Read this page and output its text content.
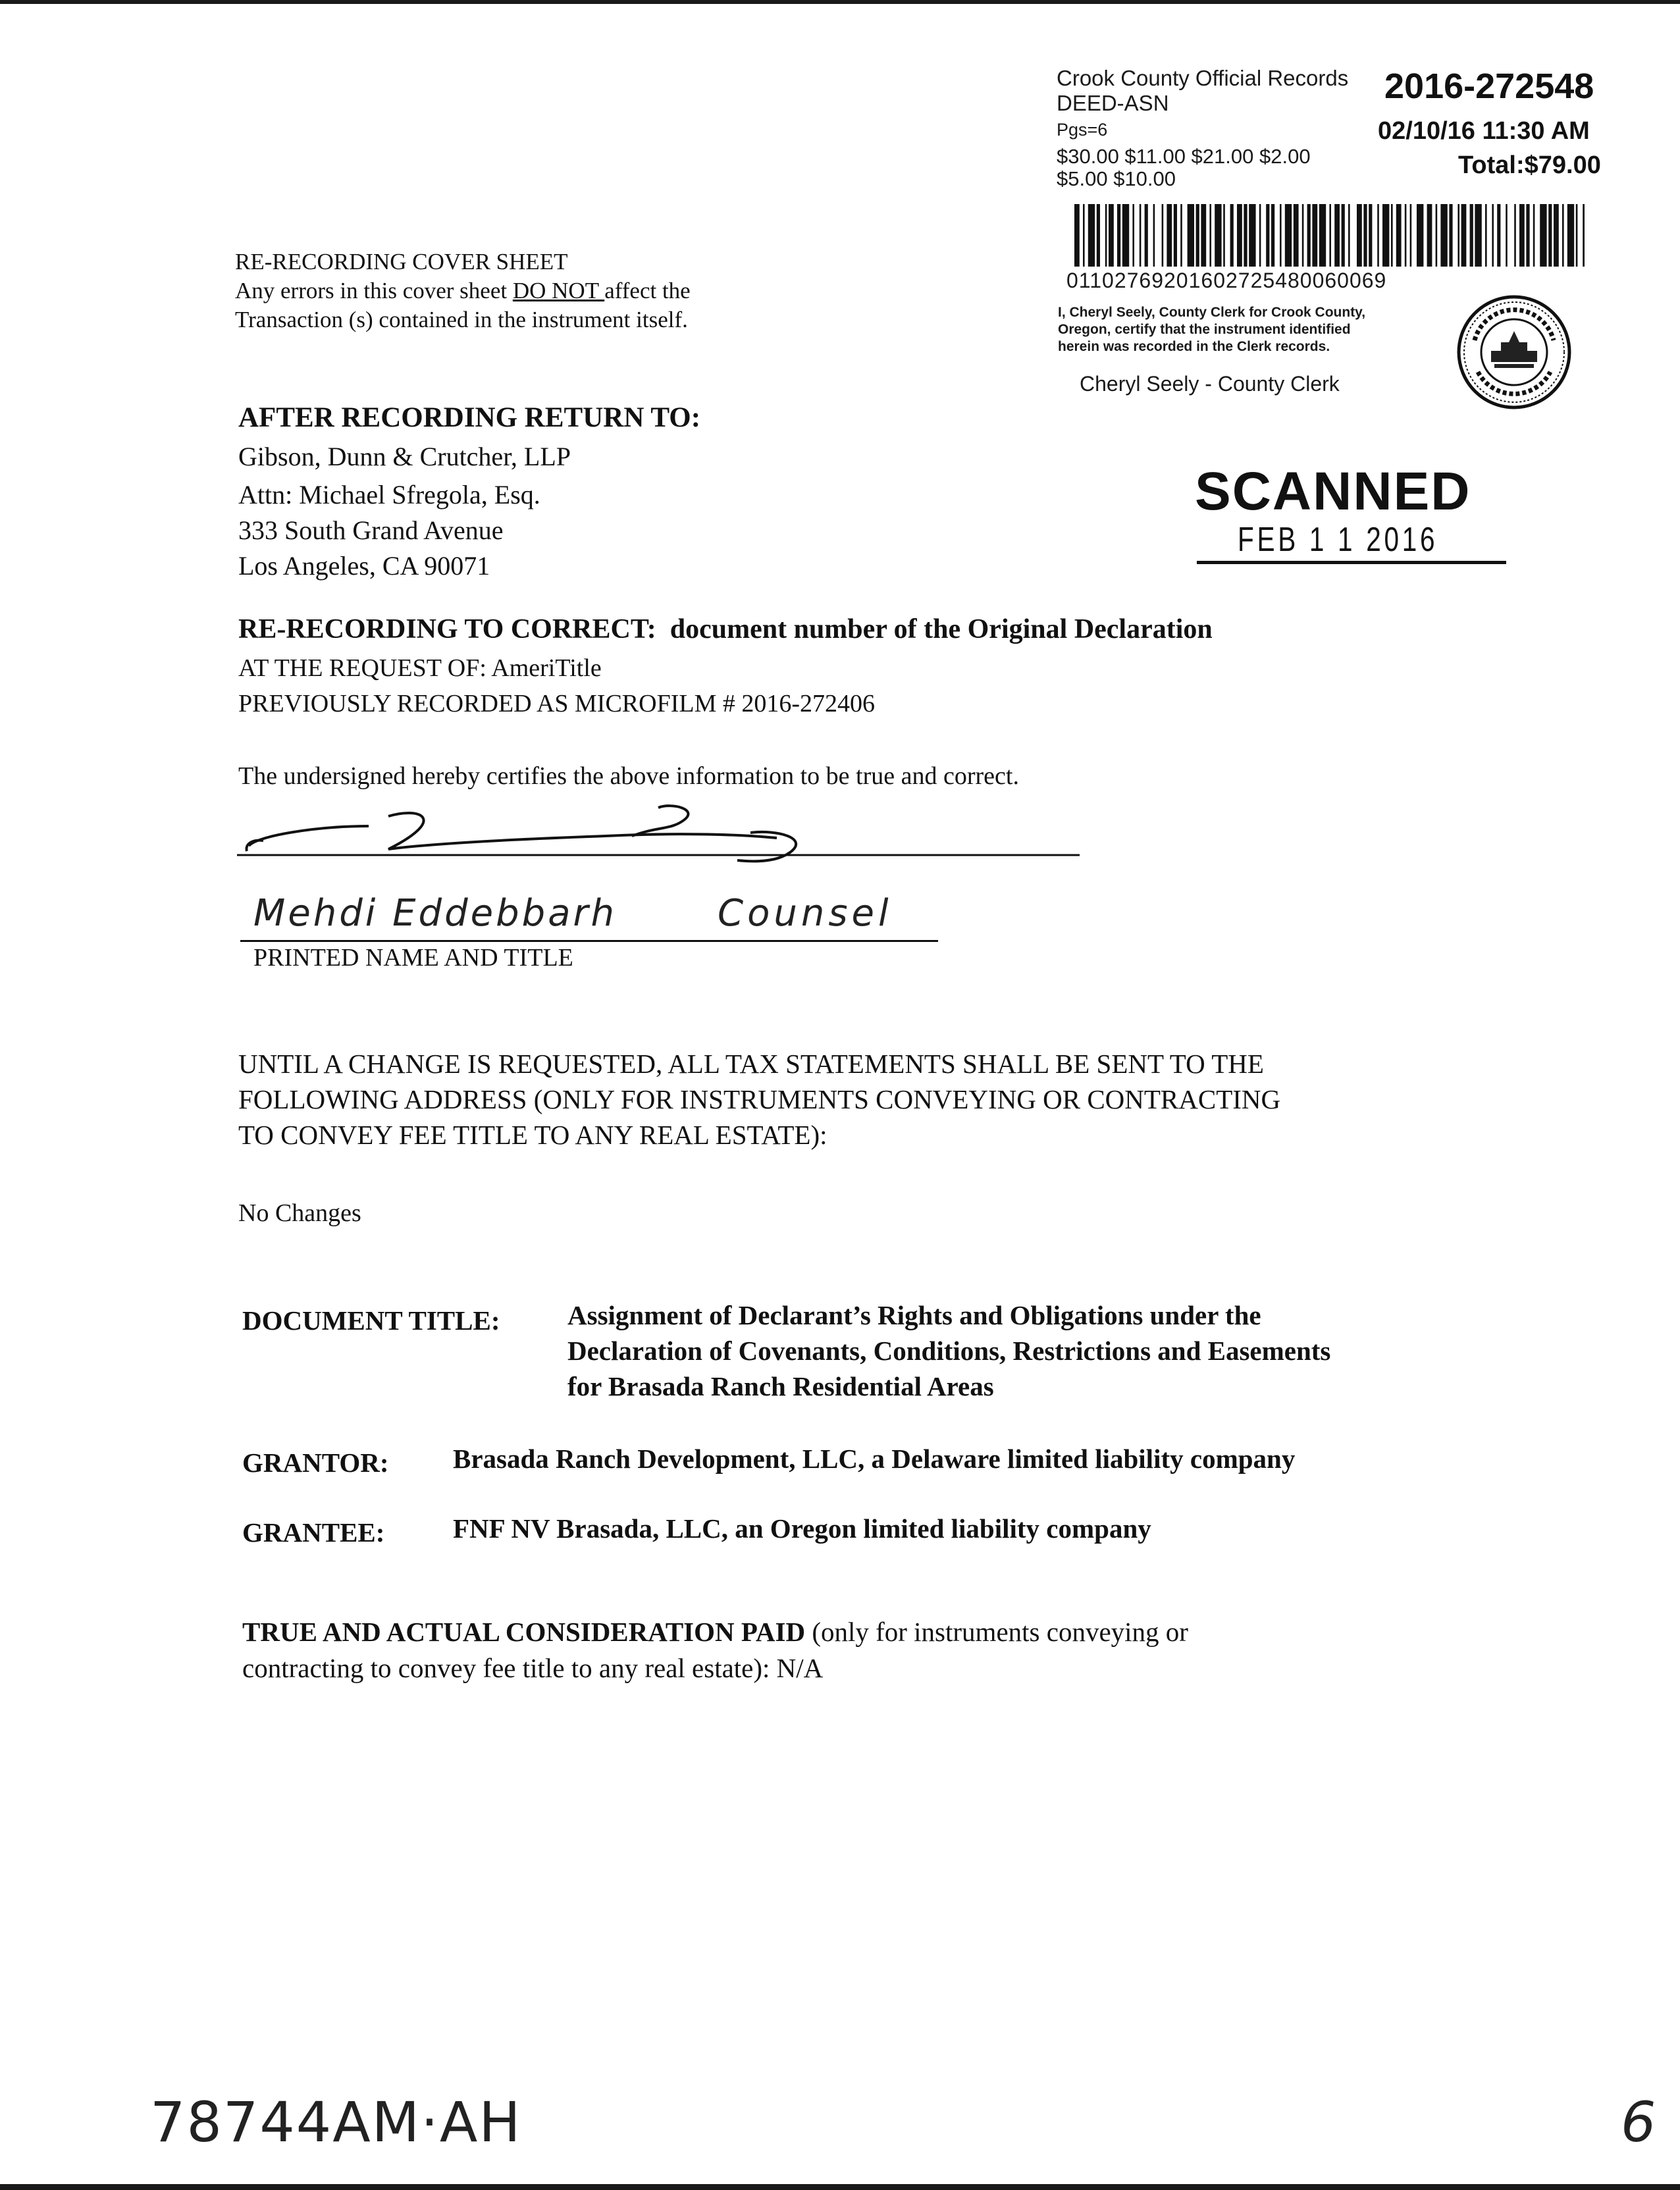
Crook County Official Records
DEED-ASN
Pgs=6
$30.00 $11.00 $21.00 $2.00
$5.00 $10.00
2016-272548
02/10/16 11:30 AM
Total:$79.00
01102769201602725480060069
I, Cheryl Seely, County Clerk for Crook County,
Oregon, certify that the instrument identified
herein was recorded in the Clerk records.
Cheryl Seely - County Clerk
RE-RECORDING COVER SHEET
Any errors in this cover sheet DO NOT affect the
Transaction (s) contained in the instrument itself.
AFTER RECORDING RETURN TO:
Gibson, Dunn & Crutcher, LLP
Attn: Michael Sfregola, Esq.
333 South Grand Avenue
Los Angeles, CA 90071
SCANNED
FEB 1 1 2016
RE-RECORDING TO CORRECT: document number of the Original Declaration
AT THE REQUEST OF: AmeriTitle
PREVIOUSLY RECORDED AS MICROFILM # 2016-272406
The undersigned hereby certifies the above information to be true and correct.
Mehdi Eddebbarh	Counsel
PRINTED NAME AND TITLE
UNTIL A CHANGE IS REQUESTED, ALL TAX STATEMENTS SHALL BE SENT TO THE
FOLLOWING ADDRESS (ONLY FOR INSTRUMENTS CONVEYING OR CONTRACTING
TO CONVEY FEE TITLE TO ANY REAL ESTATE):
No Changes
DOCUMENT TITLE:	Assignment of Declarant’s Rights and Obligations under the
Declaration of Covenants, Conditions, Restrictions and Easements
for Brasada Ranch Residential Areas
GRANTOR: Brasada Ranch Development, LLC, a Delaware limited liability company
GRANTEE:	FNF NV Brasada, LLC, an Oregon limited liability company
TRUE AND ACTUAL CONSIDERATION PAID (only for instruments conveying or
contracting to convey fee title to any real estate): N/A
78744AM·AH	6
